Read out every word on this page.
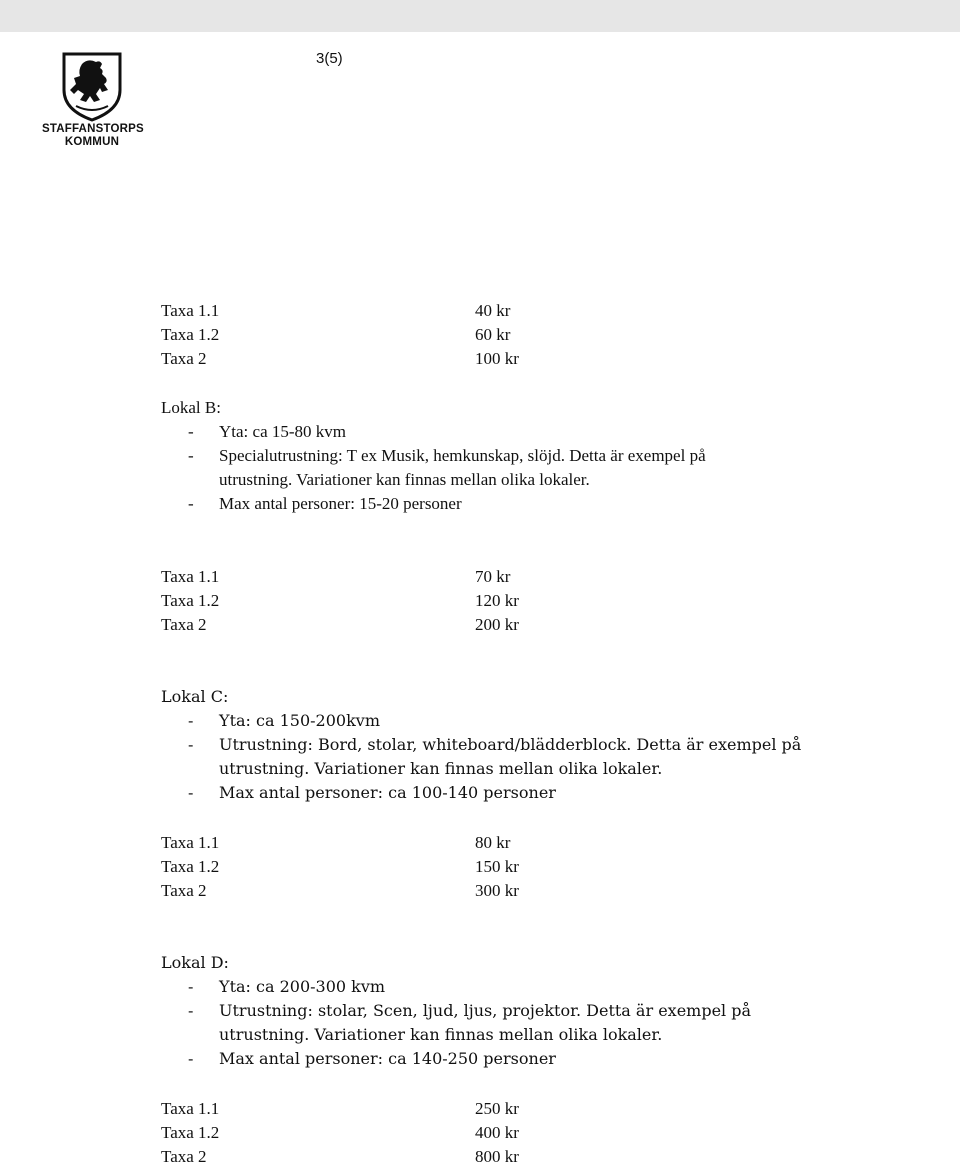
3(5)
STAFFANSTORPS
KOMMUN
Taxa 1.1	40 kr
Taxa 1.2	60 kr
Taxa 2	100 kr
Lokal B:
- Yta: ca 15-80 kvm
- Specialutrustning: T ex Musik, hemkunskap, slöjd. Detta är exempel på
utrustning. Variationer kan finnas mellan olika lokaler.
- Max antal personer: 15-20 personer
Taxa 1.1	70 kr
Taxa 1.2	120 kr
Taxa 2	200 kr
Lokal C:
- Yta: ca 150-200kvm
- Utrustning: Bord, stolar, whiteboard/blädderblock. Detta är exempel på
utrustning. Variationer kan finnas mellan olika lokaler.
- Max antal personer: ca 100-140 personer
Taxa 1.1	80 kr
Taxa 1.2	150 kr
Taxa 2	300 kr
Lokal D:
- Yta: ca 200-300 kvm
- Utrustning: stolar, Scen, ljud, ljus, projektor. Detta är exempel på
utrustning. Variationer kan finnas mellan olika lokaler.
- Max antal personer: ca 140-250 personer
Taxa 1.1	250 kr
Taxa 1.2	400 kr
Taxa 2	800 kr
